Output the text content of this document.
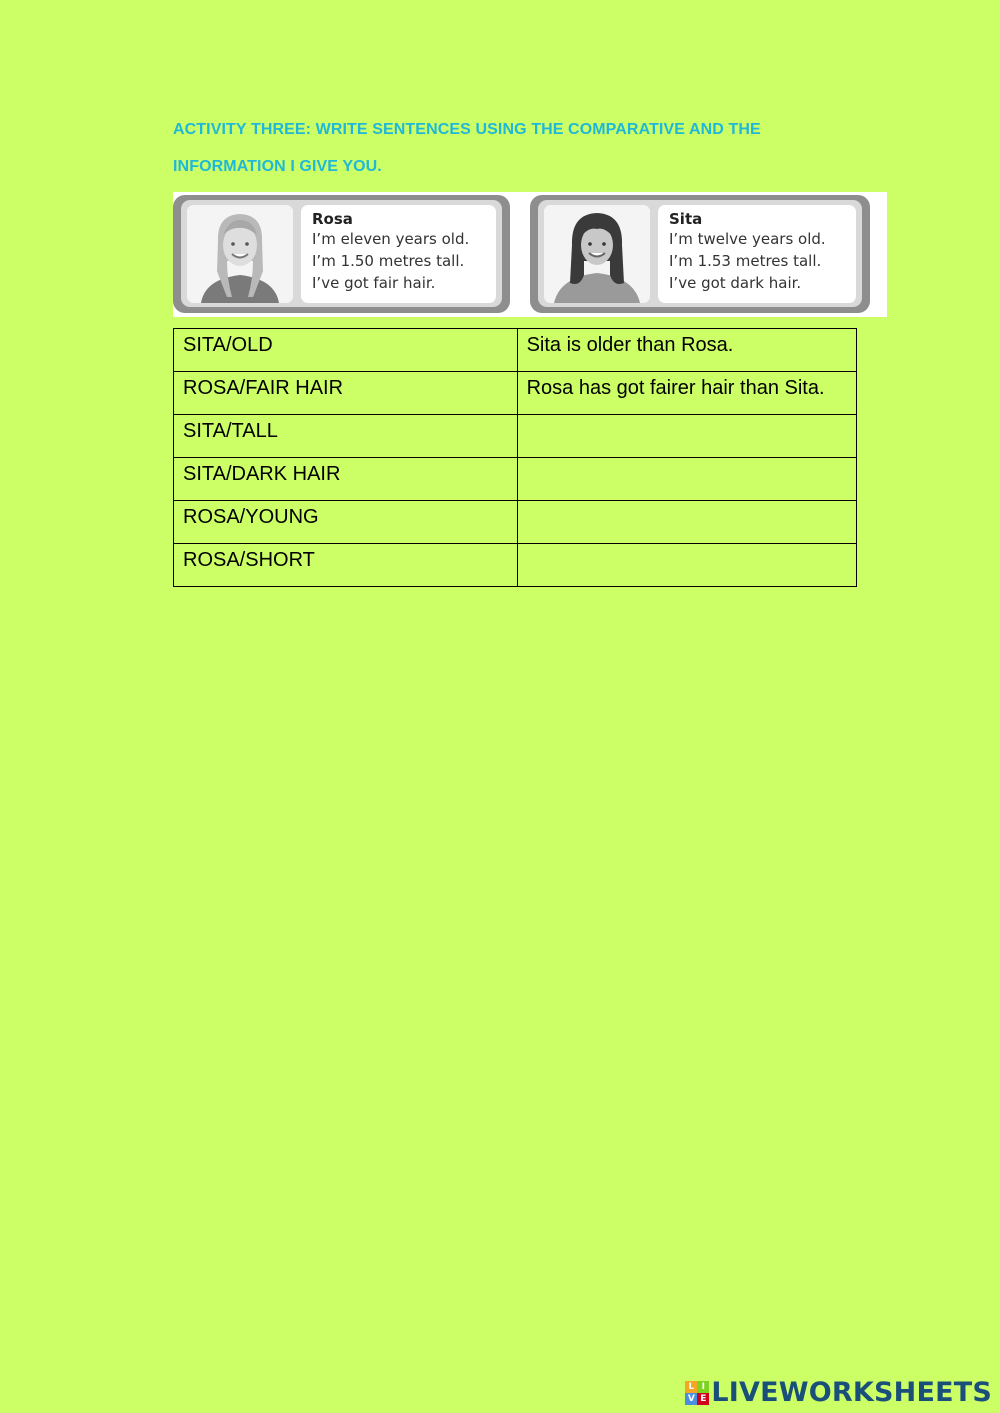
ACTIVITY THREE: WRITE SENTENCES USING THE COMPARATIVE AND THE
INFORMATION I GIVE YOU.
Rosa
I’m eleven years old.
I’m 1.50 metres tall.
I’ve got fair hair.
Sita
I’m twelve years old.
I’m 1.53 metres tall.
I’ve got dark hair.
SITA/OLD	Sita is older than Rosa.

ROSA/FAIR HAIR	Rosa has got fairer hair than Sita.

SITA/TALL	

SITA/DARK HAIR	

ROSA/YOUNG	

ROSA/SHORT	

L I
V E LIVEWORKSHEETS
